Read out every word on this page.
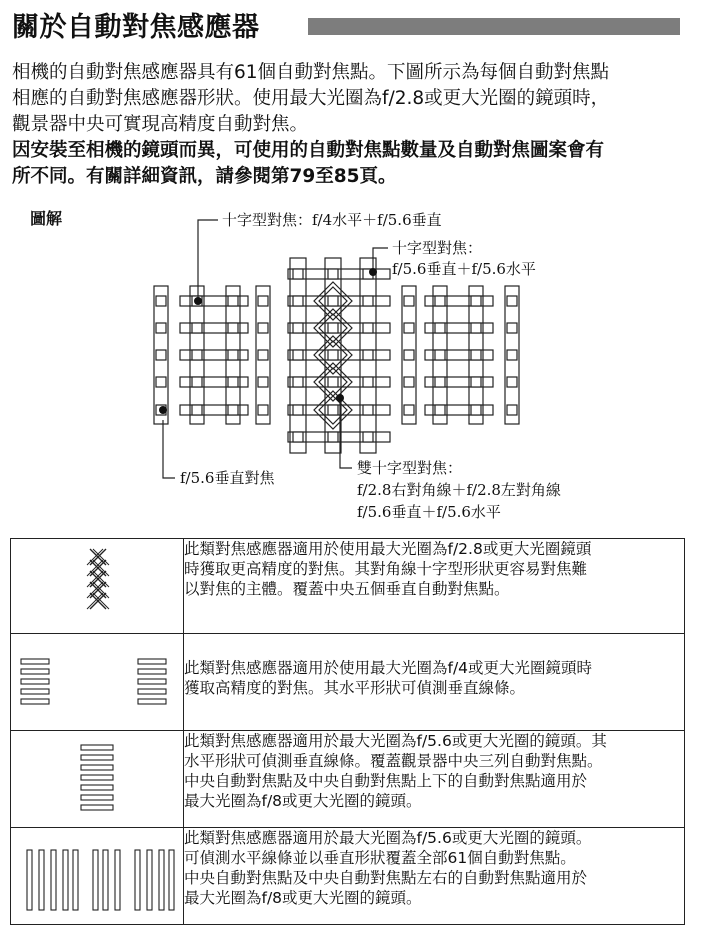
關於自動對焦感應器

相機的自動對焦感應器具有61個自動對焦點。下圖所示為每個自動對焦點

相應的自動對焦感應器形狀。使用最大光圈為f/2.8或更大光圈的鏡頭時，

觀景器中央可實現高精度自動對焦。

因安裝至相機的鏡頭而異，可使用的自動對焦點數量及自動對焦圖案會有

所不同。有關詳細資訊，請參閱第79至85頁。

圖解	十字型對焦：f/4水平＋f/5.6垂直
十字型對焦：
f/5.6垂直＋f/5.6水平
f/5.6垂直對焦
雙十字型對焦：
f/2.8右對角線＋f/2.8左對角線
f/5.6垂直＋f/5.6水平

此類對焦感應器適用於使用最大光圈為f/2.8或更大光圈鏡頭
時獲取更高精度的對焦。其對角線十字型形狀更容易對焦難
以對焦的主體。覆蓋中央五個垂直自動對焦點。

此類對焦感應器適用於使用最大光圈為f/4或更大光圈鏡頭時
獲取高精度的對焦。其水平形狀可偵測垂直線條。

此類對焦感應器適用於最大光圈為f/5.6或更大光圈的鏡頭。其
水平形狀可偵測垂直線條。覆蓋觀景器中央三列自動對焦點。
中央自動對焦點及中央自動對焦點上下的自動對焦點適用於
最大光圈為f/8或更大光圈的鏡頭。

此類對焦感應器適用於最大光圈為f/5.6或更大光圈的鏡頭。
可偵測水平線條並以垂直形狀覆蓋全部61個自動對焦點。
中央自動對焦點及中央自動對焦點左右的自動對焦點適用於
最大光圈為f/8或更大光圈的鏡頭。
